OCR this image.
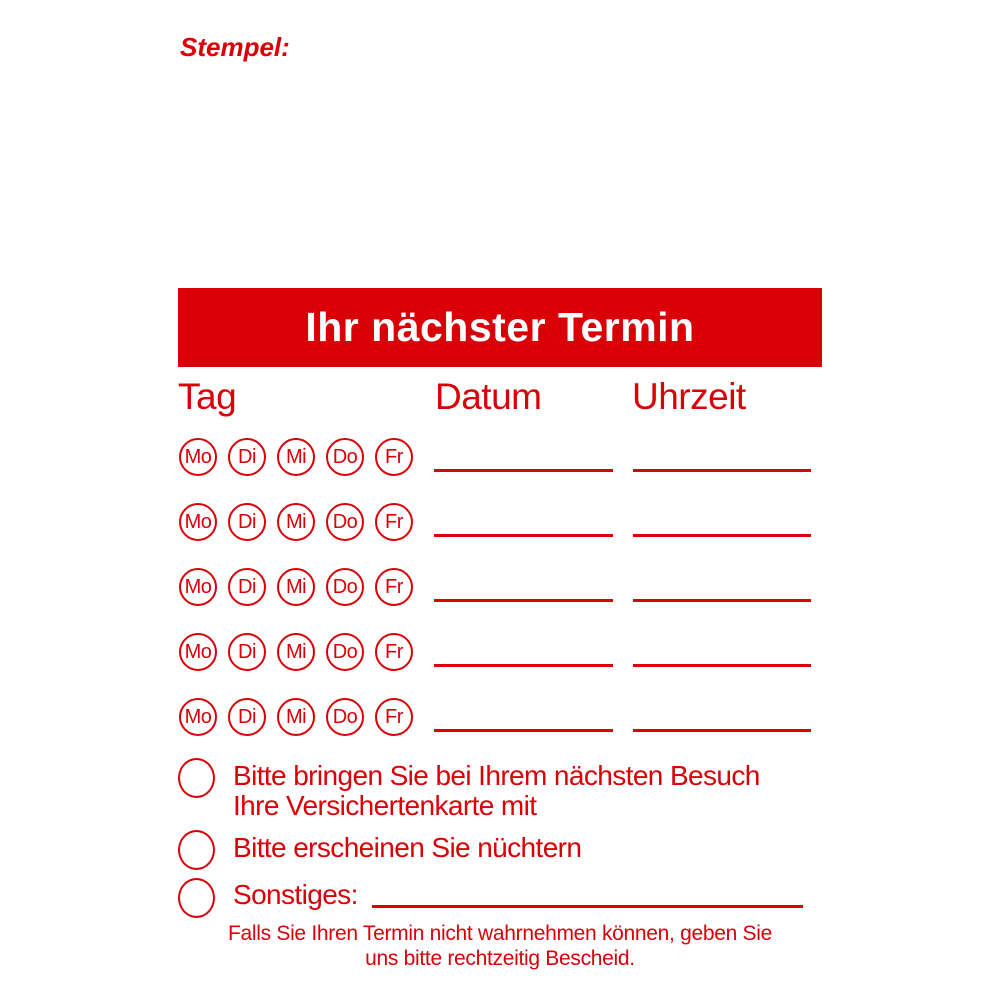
Stempel:
Ihr nächster Termin
Tag	Datum Uhrzeit
Mo	Di	Mi	Do	Fr
Mo	Di	Mi	Do	Fr
Mo	Di	Mi	Do	Fr
Mo	Di	Mi	Do	Fr
Mo	Di	Mi	Do	Fr
Bitte bringen Sie bei Ihrem nächsten Besuch
Ihre Versichertenkarte mit
Bitte erscheinen Sie nüchtern
Sonstiges:
Falls Sie Ihren Termin nicht wahrnehmen können, geben Sie
uns bitte rechtzeitig Bescheid.
